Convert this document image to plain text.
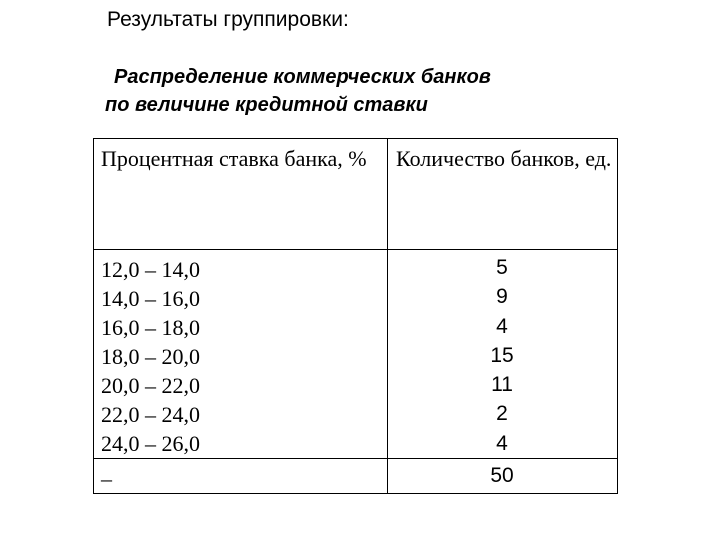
Результаты группировки:
Распределение коммерческих банков
по величине кредитной ставки
Процентная ставка банка, %	Количество банков, ед.
12,0 – 14,0
14,0 – 16,0
16,0 – 18,0
18,0 – 20,0
20,0 – 22,0
22,0 – 24,0
24,0 – 26,0
5
9
4
15
11
2
4
–	50
